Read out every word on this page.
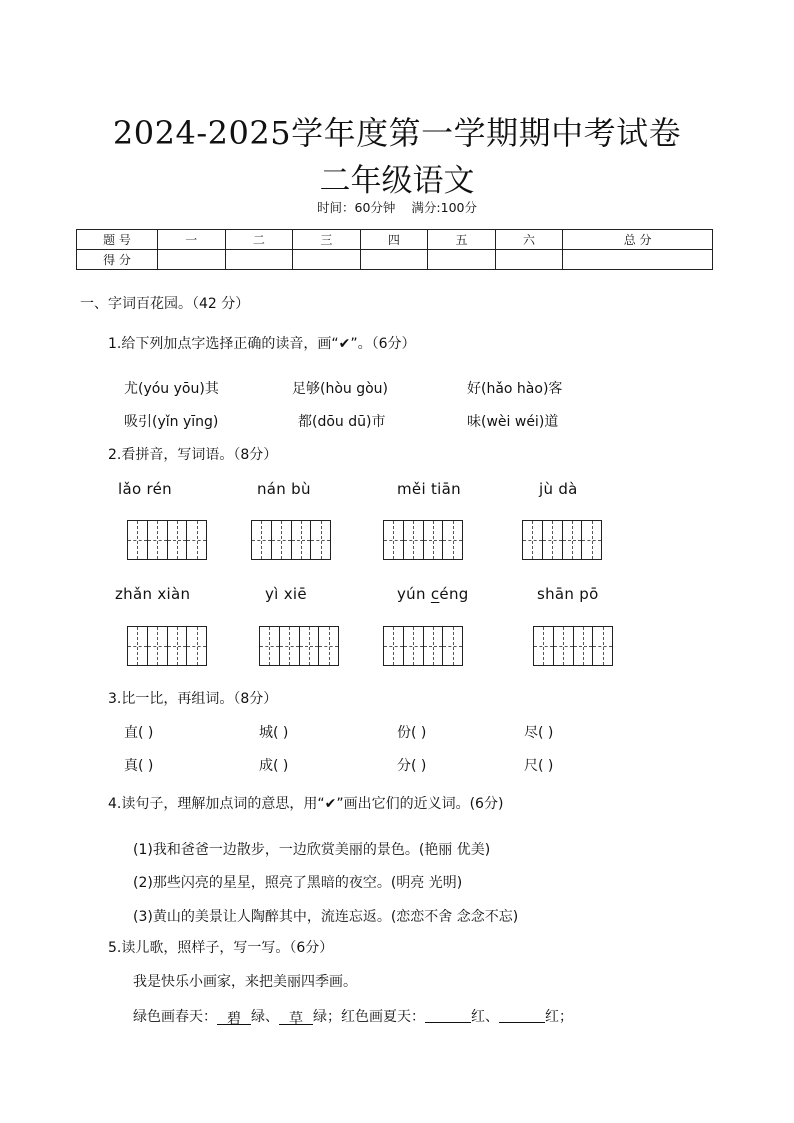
2024-2025学年度第一学期期中考试卷
二年级语文
时间：60分钟 满分:100分
题 号	一	二	三	四	五	六	总 分
得 分							
一、字词百花园。（42 分）
1.给下列加点字选择正确的读音，画“✔”。（6分）
尤(yóu yōu)其	足够(hòu gòu)	好(hǎo hào)客
吸引(yǐn yīng)	都(dōu dū)市	味(wèi wéi)道
2.看拼音，写词语。（8分）
lǎo rén	nán bù	měi tiān	jù dà
zhǎn xiàn	yì xiē	yún céng	shān pō
3.比一比，再组词。（8分）
直( )	城( )	份( )	尽( )
真( )	成( )	分( )	尺( )
4.读句子，理解加点词的意思，用“✔”画出它们的近义词。(6分)
(1)我和爸爸一边散步，一边欣赏美丽的景色。(艳丽 优美)
(2)那些闪亮的星星，照亮了黑暗的夜空。(明亮 光明)
(3)黄山的美景让人陶醉其中，流连忘返。(恋恋不舍 念念不忘)
5.读儿歌，照样子，写一写。（6分）
我是快乐小画家，来把美丽四季画。
绿色画春天： 碧 绿、 草 绿；红色画夏天：	红、	红；
